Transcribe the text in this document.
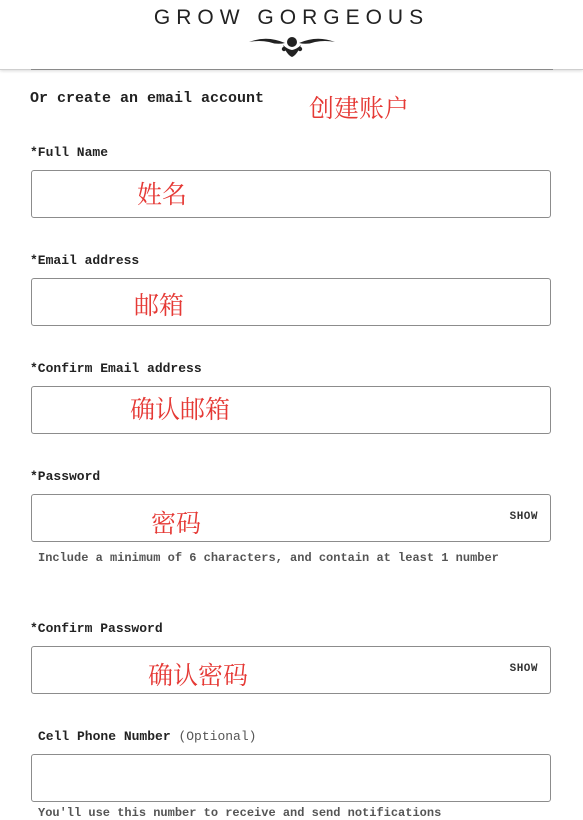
GROW GORGEOUS
Or create an email account 创建账户
*Full Name
姓名
*Email address
邮箱
*Confirm Email address
确认邮箱
*Password
SHOW
密码
Include a minimum of 6 characters, and contain at least 1 number
*Confirm Password
SHOW
确认密码
Cell Phone Number (Optional)
You'll use this number to receive and send notifications
